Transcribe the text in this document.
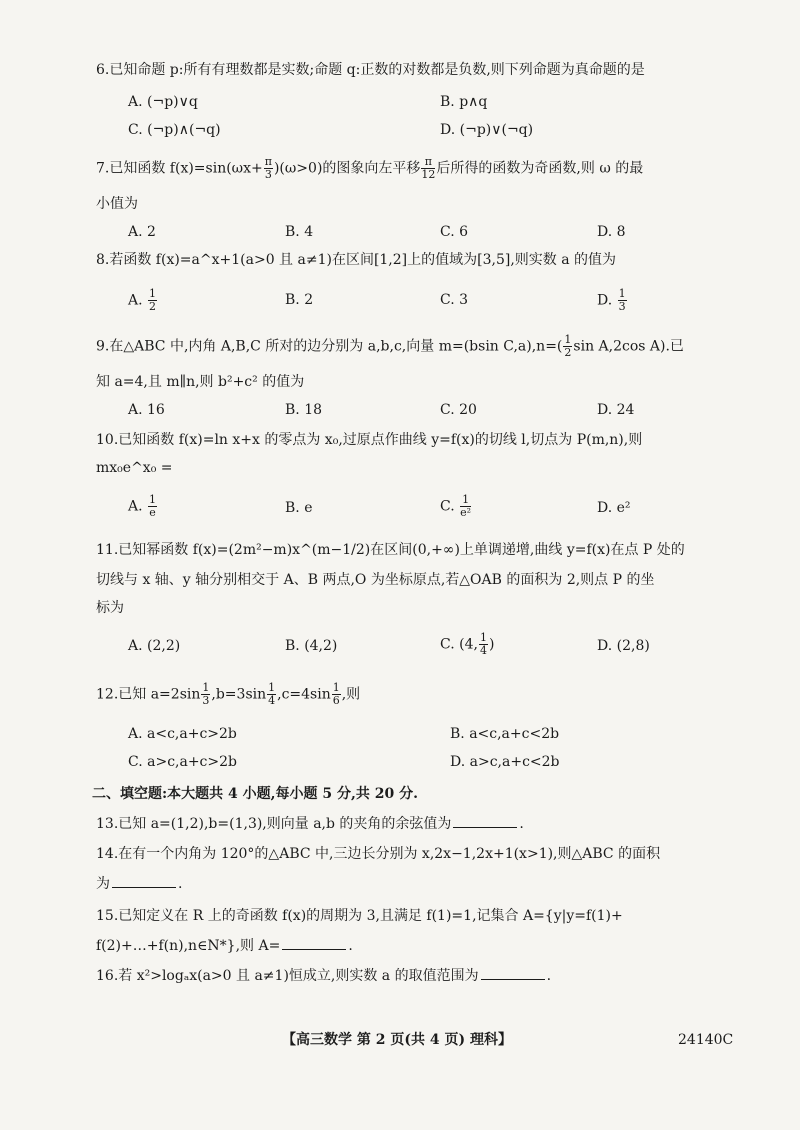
6.已知命题 p:所有有理数都是实数;命题 q:正数的对数都是负数,则下列命题为真命题的是
A. (¬p)∨q	B. p∧q
C. (¬p)∧(¬q)	D. (¬p)∨(¬q)
7.已知函数 $f(x)=\sin(\omega x+ \frac{\pi}{3} )(\omega>0)$的图象向左平移 $\frac{\pi}{12}$ 后所得的函数为奇函数,则 ω 的最
小值为
A. 2	B. 4	C. 6	D. 8
8.若函数 f(x)=a^x+1(a>0 且 a≠1)在区间[1,2]上的值域为[3,5],则实数 a 的值为
A. $\frac{1}{2}$	B. 2	C. 3	D. $\frac{1}{3}$
9.在△ABC 中,内角 A,B,C 所对的边分别为 a,b,c,向量 m=(bsin $C,a),n=( \frac{1}{2}$ sin A,2cos A).已
知 a=4,且 m∥n,则 b²+c² 的值为
A. 16	B. 18	C. 20	D. 24
10.已知函数 f(x)=ln x+x 的零点为 x₀,过原点作曲线 y=f(x)的切线 l,切点为 P(m,n),则
mx₀e^x₀ =
A. $\frac{1}{e}$	B. e	C. $\frac{1}{\text{e²}}$	D. e²
11.已知幂函数 f(x)=(2m²−m)x^(m−1/2)在区间(0,+∞)上单调递增,曲线 y=f(x)在点 P 处的
切线与 x 轴、y 轴分别相交于 A、B 两点,O 为坐标原点,若△OAB 的面积为 2,则点 P 的坐
标为
A. (2,2)	B. (4,2)	C. (4, $\frac{1}{4}$ )	D. (2,8)
12.已知 $a=2\sin \frac{1}{3} ,b=3\sin \frac{1}{4} ,c=4\sin \frac{1}{6}$ ,则
A. a<c,a+c>2b	B. a<c,a+c<2b
C. a>c,a+c>2b	D. a>c,a+c<2b
二、填空题:本大题共 4 小题,每小题 5 分,共 20 分.
13.已知 a=(1,2),b=(1,3),则向量 a,b 的夹角的余弦值为	.
14.在有一个内角为 120°的△ABC 中,三边长分别为 x,2x−1,2x+1(x>1),则△ABC 的面积
为	.
15.已知定义在 R 上的奇函数 f(x)的周期为 3,且满足 f(1)=1,记集合 A={y|y=f(1)+
f(2)+…+f(n),n∈N*},则 A=	.
16.若 x²>logₐx(a>0 且 a≠1)恒成立,则实数 a 的取值范围为	.
【高三数学 第 2 页(共 4 页) 理科】	24140C
